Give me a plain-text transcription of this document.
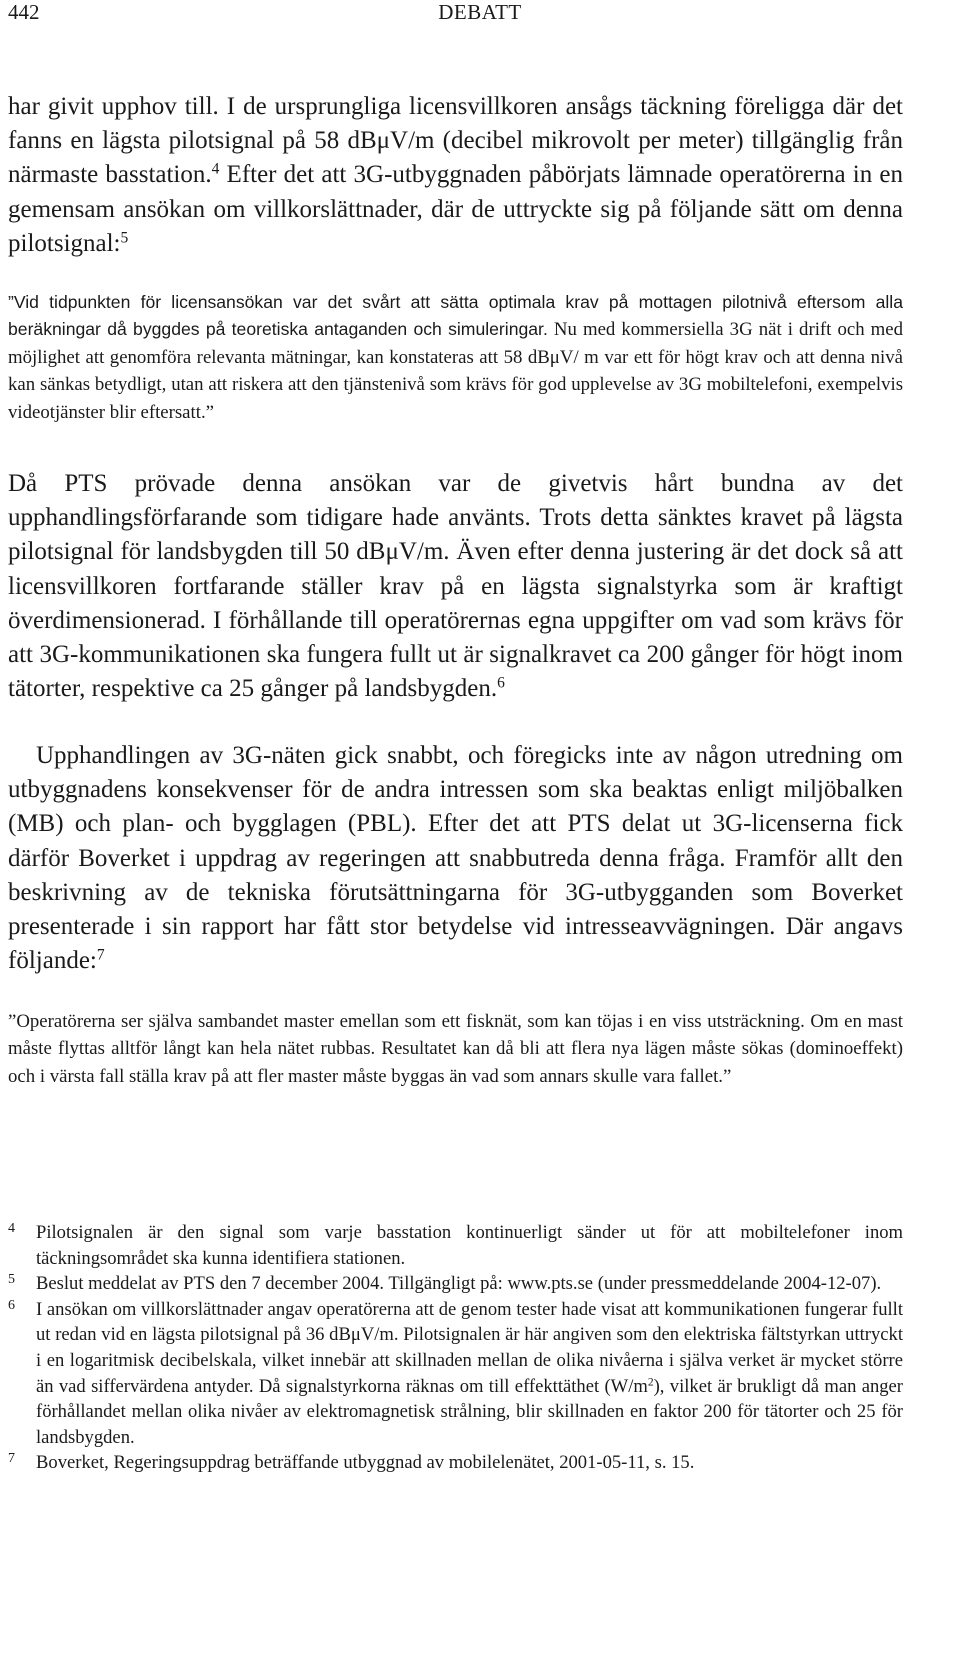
442	DEBATT

har givit upphov till. I de ursprungliga licensvillkoren ansågs täckning föreligga där det fanns en lägsta pilotsignal på 58 dBμV/m (decibel mikrovolt per meter) tillgänglig från närmaste basstation.$^4$ Efter det att 3G-utbyggnaden påbörjats lämnade operatörerna in en gemensam ansökan om villkorslättnader, där de uttryckte sig på följande sätt om denna pilotsignal:$^5$

”Vid tidpunkten för licensansökan var det svårt att sätta optimala krav på mottagen pilotnivå eftersom alla beräkningar då byggdes på teoretiska antaganden och simuleringar. Nu med kommersiella 3G nät i drift och med möjlighet att genomföra relevanta mätningar, kan konstateras att 58 dBμV/ m var ett för högt krav och att denna nivå kan sänkas betydligt, utan att riskera att den tjänstenivå som krävs för god upplevelse av 3G mobiltelefoni, exempelvis videotjänster blir eftersatt.”

Då PTS prövade denna ansökan var de givetvis hårt bundna av det upphandlingsförfarande som tidigare hade använts. Trots detta sänktes kravet på lägsta pilotsignal för landsbygden till 50 dBμV/m. Även efter denna justering är det dock så att licensvillkoren fortfarande ställer krav på en lägsta signalstyrka som är kraftigt överdimensionerad. I förhållande till operatörernas egna uppgifter om vad som krävs för att 3G-kommunikationen ska fungera fullt ut är signalkravet ca 200 gånger för högt inom tätorter, respektive ca 25 gånger på landsbygden.$^6$

Upphandlingen av 3G-näten gick snabbt, och föregicks inte av någon utredning om utbyggnadens konsekvenser för de andra intressen som ska beaktas enligt miljöbalken (MB) och plan- och bygglagen (PBL). Efter det att PTS delat ut 3G-licenserna fick därför Boverket i uppdrag av regeringen att snabbutreda denna fråga. Framför allt den beskrivning av de tekniska förutsättningarna för 3G-utbygganden som Boverket presenterade i sin rapport har fått stor betydelse vid intresseavvägningen. Där angavs följande:$^7$

”Operatörerna ser själva sambandet master emellan som ett fisknät, som kan töjas i en viss utsträckning. Om en mast måste flyttas alltför långt kan hela nätet rubbas. Resultatet kan då bli att flera nya lägen måste sökas (dominoeffekt) och i värsta fall ställa krav på att fler master måste byggas än vad som annars skulle vara fallet.”

4 Pilotsignalen är den signal som varje basstation kontinuerligt sänder ut för att mobiltelefoner inom täckningsområdet ska kunna identifiera stationen.
5 Beslut meddelat av PTS den 7 december 2004. Tillgängligt på: www.pts.se (under pressmeddelande 2004-12-07).
6 I ansökan om villkorslättnader angav operatörerna att de genom tester hade visat att kommunikationen fungerar fullt ut redan vid en lägsta pilotsignal på 36 dBμV/m. Pilotsignalen är här angiven som den elektriska fältstyrkan uttryckt i en logaritmisk decibelskala, vilket innebär att skillnaden mellan de olika nivåerna i själva verket är mycket större än vad siffervärdena antyder. Då signalstyrkorna räknas om till effekttäthet $(W/m^2)$, vilket är brukligt då man anger förhållandet mellan olika nivåer av elektromagnetisk strålning, blir skillnaden en faktor 200 för tätorter och 25 för landsbygden.
7 Boverket, Regeringsuppdrag beträffande utbyggnad av mobilelenätet, 2001-05-11, s. 15.
